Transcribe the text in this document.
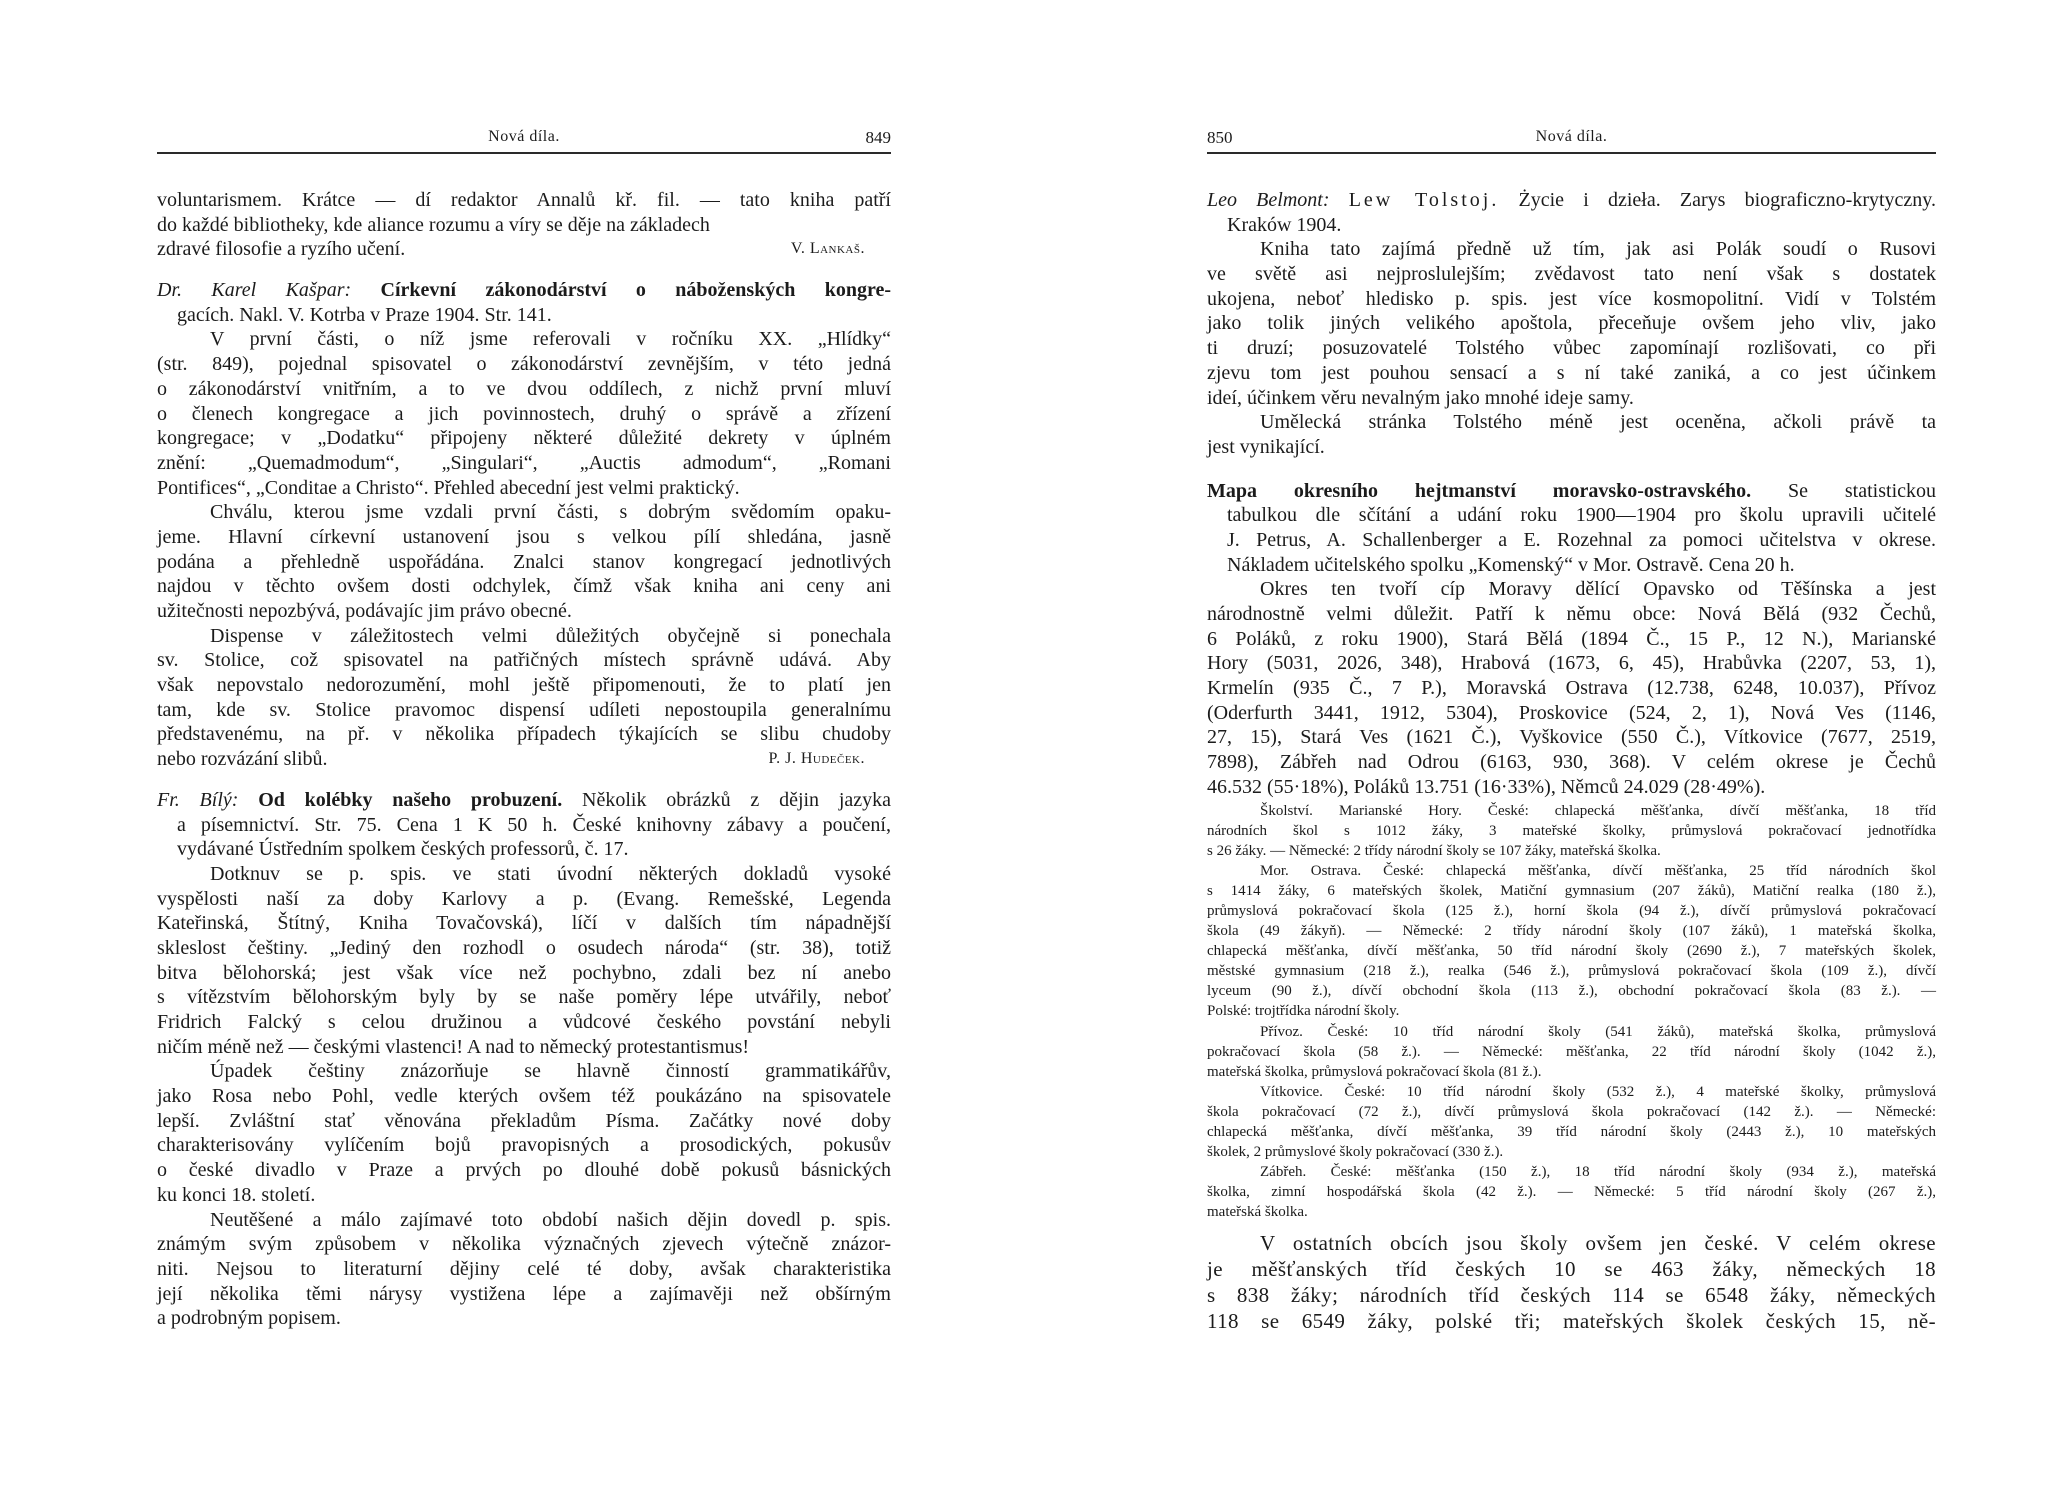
Nová díla.	849	850	Nová díla.
voluntarismem. Krátce — dí redaktor Annalů kř. fil. — tato kniha patří
do každé bibliotheky, kde aliance rozumu a víry se děje na základech
zdravé filosofie a ryzího učení.	V. Lankaš.
Dr. Karel Kašpar: Církevní zákonodárství o náboženských kongre-
gacích. Nakl. V. Kotrba v Praze 1904. Str. 141.
V první části, o níž jsme referovali v ročníku XX. „Hlídky“
(str. 849), pojednal spisovatel o zákonodárství zevnějším, v této jedná
o zákonodárství vnitřním, a to ve dvou oddílech, z nichž první mluví
o členech kongregace a jich povinnostech, druhý o správě a zřízení
kongregace; v „Dodatku“ připojeny některé důležité dekrety v úplném
znění: „Quemadmodum“, „Singulari“, „Auctis admodum“, „Romani
Pontifices“, „Conditae a Christo“. Přehled abecední jest velmi praktický.
Chválu, kterou jsme vzdali první části, s dobrým svědomím opaku-
jeme. Hlavní církevní ustanovení jsou s velkou pílí shledána, jasně
podána a přehledně uspořádána. Znalci stanov kongregací jednotlivých
najdou v těchto ovšem dosti odchylek, čímž však kniha ani ceny ani
užitečnosti nepozbývá, podávajíc jim právo obecné.
Dispense v záležitostech velmi důležitých obyčejně si ponechala
sv. Stolice, což spisovatel na patřičných místech správně udává. Aby
však nepovstalo nedorozumění, mohl ještě připomenouti, že to platí jen
tam, kde sv. Stolice pravomoc dispensí udíleti nepostoupila generalnímu
představenému, na př. v několika případech týkajících se slibu chudoby
nebo rozvázání slibů.	P. J. Hudeček.
Fr. Bílý: Od kolébky našeho probuzení. Několik obrázků z dějin jazyka
a písemnictví. Str. 75. Cena 1 K 50 h. České knihovny zábavy a poučení,
vydávané Ústředním spolkem českých professorů, č. 17.
Dotknuv se p. spis. ve stati úvodní některých dokladů vysoké
vyspělosti naší za doby Karlovy a p. (Evang. Remešské, Legenda
Kateřinská, Štítný, Kniha Tovačovská), líčí v dalších tím nápadnější
skleslost češtiny. „Jediný den rozhodl o osudech národa“ (str. 38), totiž
bitva bělohorská; jest však více než pochybno, zdali bez ní anebo
s vítězstvím bělohorským byly by se naše poměry lépe utvářily, neboť
Fridrich Falcký s celou družinou a vůdcové českého povstání nebyli
ničím méně než — českými vlastenci! A nad to německý protestantismus!
Úpadek češtiny znázorňuje se hlavně činností grammatikářův,
jako Rosa nebo Pohl, vedle kterých ovšem též poukázáno na spisovatele
lepší. Zvláštní stať věnována překladům Písma. Začátky nové doby
charakterisovány vylíčením bojů pravopisných a prosodických, pokusův
o české divadlo v Praze a prvých po dlouhé době pokusů básnických
ku konci 18. století.
Neutěšené a málo zajímavé toto období našich dějin dovedl p. spis.
známým svým způsobem v několika význačných zjevech výtečně znázor-
niti. Nejsou to literaturní dějiny celé té doby, avšak charakteristika
její několika těmi nárysy vystižena lépe a zajímavěji než obšírným
a podrobným popisem.
Leo Belmont: Lew Tolstoj. Życie i dzieła. Zarys biograficzno-krytyczny.
Kraków 1904.
Kniha tato zajímá předně už tím, jak asi Polák soudí o Rusovi
ve světě asi nejproslulejším; zvědavost tato není však s dostatek
ukojena, neboť hledisko p. spis. jest více kosmopolitní. Vidí v Tolstém
jako tolik jiných velikého apoštola, přeceňuje ovšem jeho vliv, jako
ti druzí; posuzovatelé Tolstého vůbec zapomínají rozlišovati, co při
zjevu tom jest pouhou sensací a s ní také zaniká, a co jest účinkem
ideí, účinkem věru nevalným jako mnohé ideje samy.
Umělecká stránka Tolstého méně jest oceněna, ačkoli právě ta
jest vynikající.
Mapa okresního hejtmanství moravsko-ostravského. Se statistickou
tabulkou dle sčítání a udání roku 1900—1904 pro školu upravili učitelé
J. Petrus, A. Schallenberger a E. Rozehnal za pomoci učitelstva v okrese.
Nákladem učitelského spolku „Komenský“ v Mor. Ostravě. Cena 20 h.
Okres ten tvoří cíp Moravy dělící Opavsko od Těšínska a jest
národnostně velmi důležit. Patří k němu obce: Nová Bělá (932 Čechů,
6 Poláků, z roku 1900), Stará Bělá (1894 Č., 15 P., 12 N.), Marianské
Hory (5031, 2026, 348), Hrabová (1673, 6, 45), Hrabůvka (2207, 53, 1),
Krmelín (935 Č., 7 P.), Moravská Ostrava (12.738, 6248, 10.037), Přívoz
(Oderfurth 3441, 1912, 5304), Proskovice (524, 2, 1), Nová Ves (1146,
27, 15), Stará Ves (1621 Č.), Vyškovice (550 Č.), Vítkovice (7677, 2519,
7898), Zábřeh nad Odrou (6163, 930, 368). V celém okrese je Čechů
46.532 (55·18%), Poláků 13.751 (16·33%), Němců 24.029 (28·49%).
Školství. Marianské Hory. České: chlapecká měšťanka, dívčí měšťanka, 18 tříd
národních škol s 1012 žáky, 3 mateřské školky, průmyslová pokračovací jednotřídka
s 26 žáky. — Německé: 2 třídy národní školy se 107 žáky, mateřská školka.
Mor. Ostrava. České: chlapecká měšťanka, dívčí měšťanka, 25 tříd národních škol
s 1414 žáky, 6 mateřských školek, Matiční gymnasium (207 žáků), Matiční realka (180 ž.),
průmyslová pokračovací škola (125 ž.), horní škola (94 ž.), dívčí průmyslová pokračovací
škola (49 žákyň). — Německé: 2 třídy národní školy (107 žáků), 1 mateřská školka,
chlapecká měšťanka, dívčí měšťanka, 50 tříd národní školy (2690 ž.), 7 mateřských školek,
městské gymnasium (218 ž.), realka (546 ž.), průmyslová pokračovací škola (109 ž.), dívčí
lyceum (90 ž.), dívčí obchodní škola (113 ž.), obchodní pokračovací škola (83 ž.). —
Polské: trojtřídka národní školy.
Přívoz. České: 10 tříd národní školy (541 žáků), mateřská školka, průmyslová
pokračovací škola (58 ž.). — Německé: měšťanka, 22 tříd národní školy (1042 ž.),
mateřská školka, průmyslová pokračovací škola (81 ž.).
Vítkovice. České: 10 tříd národní školy (532 ž.), 4 mateřské školky, průmyslová
škola pokračovací (72 ž.), dívčí průmyslová škola pokračovací (142 ž.). — Německé:
chlapecká měšťanka, dívčí měšťanka, 39 tříd národní školy (2443 ž.), 10 mateřských
školek, 2 průmyslové školy pokračovací (330 ž.).
Zábřeh. České: měšťanka (150 ž.), 18 tříd národní školy (934 ž.), mateřská
školka, zimní hospodářská škola (42 ž.). — Německé: 5 tříd národní školy (267 ž.),
mateřská školka.
V ostatních obcích jsou školy ovšem jen české. V celém okrese
je měšťanských tříd českých 10 se 463 žáky, německých 18
s 838 žáky; národních tříd českých 114 se 6548 žáky, německých
118 se 6549 žáky, polské tři; mateřských školek českých 15, ně-
